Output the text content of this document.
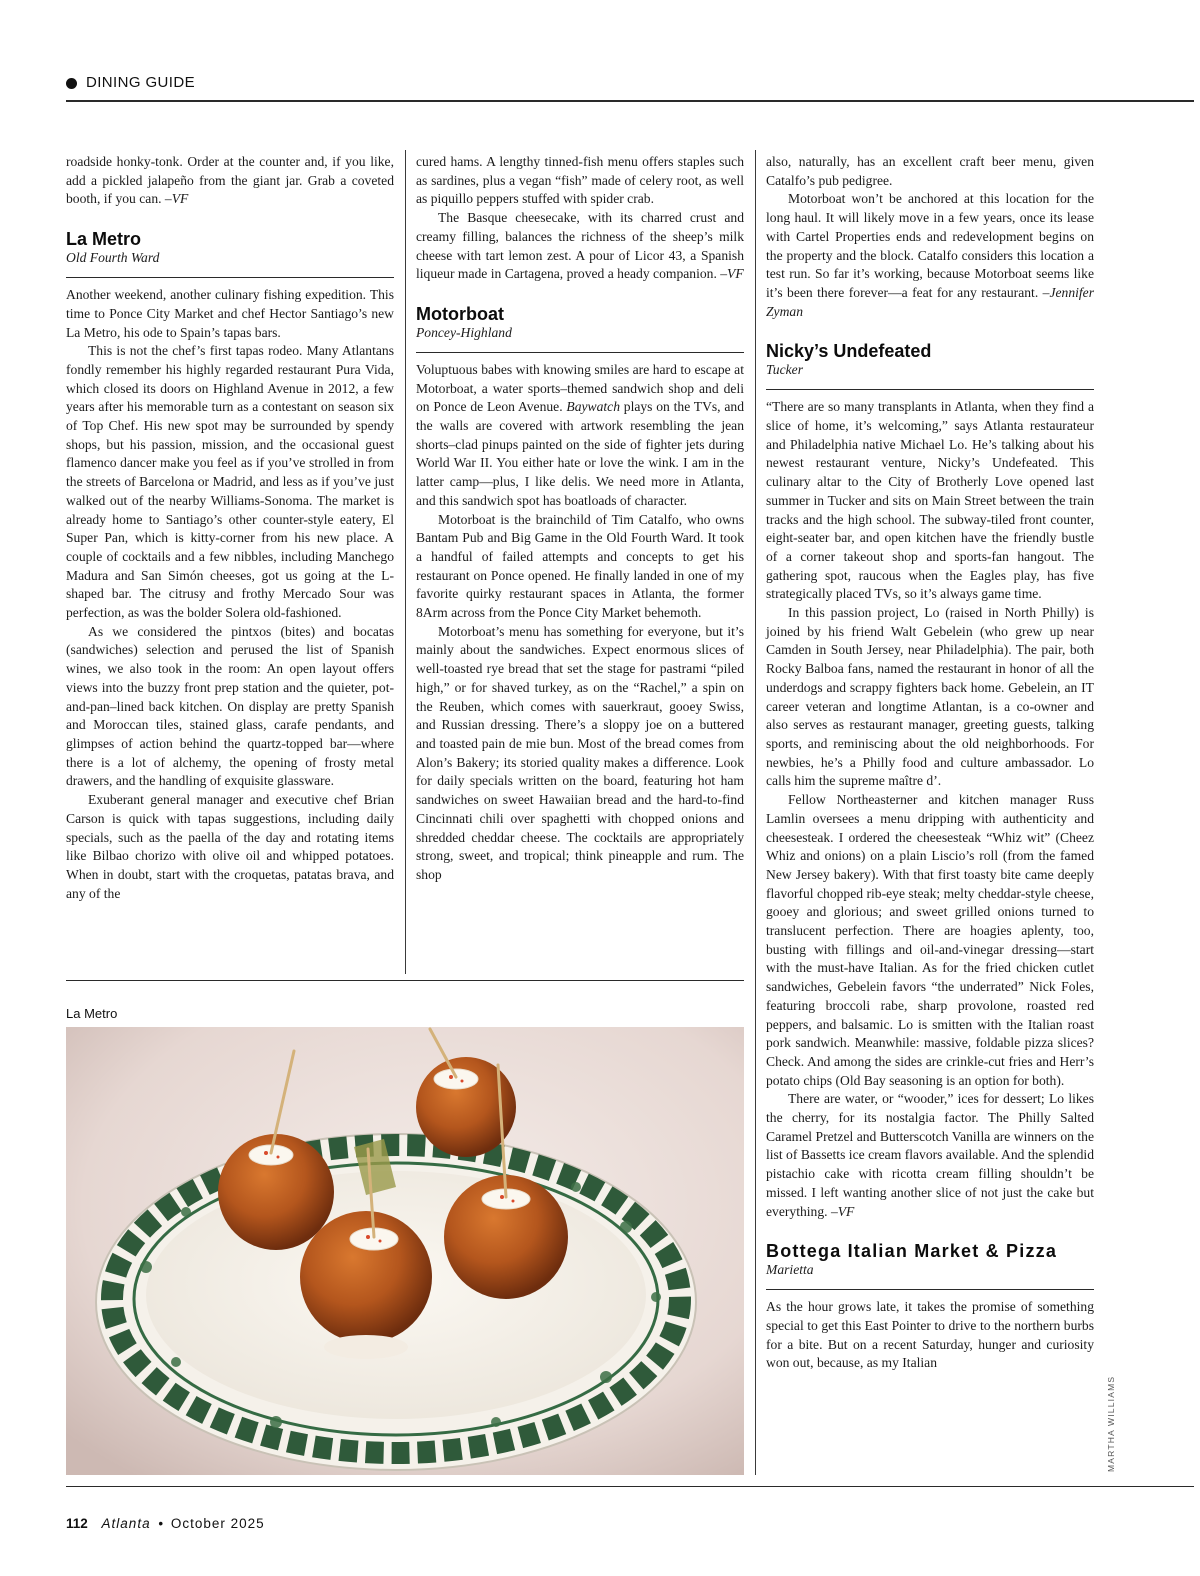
DINING GUIDE

roadside honky-tonk. Order at the counter and, if you like, add a pickled jalapeño from the giant jar. Grab a coveted booth, if you can. –VF

La Metro
Old Fourth Ward

Another weekend, another culinary fishing expedition. This time to Ponce City Market and chef Hector Santiago’s new La Metro, his ode to Spain’s tapas bars.

This is not the chef’s first tapas rodeo. Many Atlantans fondly remember his highly regarded restaurant Pura Vida, which closed its doors on Highland Avenue in 2012, a few years after his memorable turn as a contestant on season six of Top Chef. His new spot may be surrounded by spendy shops, but his passion, mission, and the occasional guest flamenco dancer make you feel as if you’ve strolled in from the streets of Barcelona or Madrid, and less as if you’ve just walked out of the nearby Williams-Sonoma. The market is already home to Santiago’s other counter-style eatery, El Super Pan, which is kitty-corner from his new place. A couple of cocktails and a few nibbles, including Manchego Madura and San Simón cheeses, got us going at the L-shaped bar. The citrusy and frothy Mercado Sour was perfection, as was the bolder Solera old-fashioned.

As we considered the pintxos (bites) and bocatas (sandwiches) selection and perused the list of Spanish wines, we also took in the room: An open layout offers views into the buzzy front prep station and the quieter, pot-and-pan–lined back kitchen. On display are pretty Spanish and Moroccan tiles, stained glass, carafe pendants, and glimpses of action behind the quartz-topped bar—where there is a lot of alchemy, the opening of frosty metal drawers, and the handling of exquisite glassware.

Exuberant general manager and executive chef Brian Carson is quick with tapas suggestions, including daily specials, such as the paella of the day and rotating items like Bilbao chorizo with olive oil and whipped potatoes. When in doubt, start with the croquetas, patatas brava, and any of the

cured hams. A lengthy tinned-fish menu offers staples such as sardines, plus a vegan “fish” made of celery root, as well as piquillo peppers stuffed with spider crab.

The Basque cheesecake, with its charred crust and creamy filling, balances the richness of the sheep’s milk cheese with tart lemon zest. A pour of Licor 43, a Spanish liqueur made in Cartagena, proved a heady companion. –VF

Motorboat
Poncey-Highland

Voluptuous babes with knowing smiles are hard to escape at Motorboat, a water sports–themed sandwich shop and deli on Ponce de Leon Avenue. Baywatch plays on the TVs, and the walls are covered with artwork resembling the jean shorts–clad pinups painted on the side of fighter jets during World War II. You either hate or love the wink. I am in the latter camp—plus, I like delis. We need more in Atlanta, and this sandwich spot has boatloads of character.

Motorboat is the brainchild of Tim Catalfo, who owns Bantam Pub and Big Game in the Old Fourth Ward. It took a handful of failed attempts and concepts to get his restaurant on Ponce opened. He finally landed in one of my favorite quirky restaurant spaces in Atlanta, the former 8Arm across from the Ponce City Market behemoth.

Motorboat’s menu has something for everyone, but it’s mainly about the sandwiches. Expect enormous slices of well-toasted rye bread that set the stage for pastrami “piled high,” or for shaved turkey, as on the “Rachel,” a spin on the Reuben, which comes with sauerkraut, gooey Swiss, and Russian dressing. There’s a sloppy joe on a buttered and toasted pain de mie bun. Most of the bread comes from Alon’s Bakery; its storied quality makes a difference. Look for daily specials written on the board, featuring hot ham sandwiches on sweet Hawaiian bread and the hard-to-find Cincinnati chili over spaghetti with chopped onions and shredded cheddar cheese. The cocktails are appropriately strong, sweet, and tropical; think pineapple and rum. The shop

also, naturally, has an excellent craft beer menu, given Catalfo’s pub pedigree.

Motorboat won’t be anchored at this location for the long haul. It will likely move in a few years, once its lease with Cartel Properties ends and redevelopment begins on the property and the block. Catalfo considers this location a test run. So far it’s working, because Motorboat seems like it’s been there forever—a feat for any restaurant. –Jennifer Zyman

Nicky’s Undefeated
Tucker

“There are so many transplants in Atlanta, when they find a slice of home, it’s welcoming,” says Atlanta restaurateur and Philadelphia native Michael Lo. He’s talking about his newest restaurant venture, Nicky’s Undefeated. This culinary altar to the City of Brotherly Love opened last summer in Tucker and sits on Main Street between the train tracks and the high school. The subway-tiled front counter, eight-seater bar, and open kitchen have the friendly bustle of a corner takeout shop and sports-fan hangout. The gathering spot, raucous when the Eagles play, has five strategically placed TVs, so it’s always game time.

In this passion project, Lo (raised in North Philly) is joined by his friend Walt Gebelein (who grew up near Camden in South Jersey, near Philadelphia). The pair, both Rocky Balboa fans, named the restaurant in honor of all the underdogs and scrappy fighters back home. Gebelein, an IT career veteran and longtime Atlantan, is a co-owner and also serves as restaurant manager, greeting guests, talking sports, and reminiscing about the old neighborhoods. For newbies, he’s a Philly food and culture ambassador. Lo calls him the supreme maître d’.

Fellow Northeasterner and kitchen manager Russ Lamlin oversees a menu dripping with authenticity and cheesesteak. I ordered the cheesesteak “Whiz wit” (Cheez Whiz and onions) on a plain Liscio’s roll (from the famed New Jersey bakery). With that first toasty bite came deeply flavorful chopped rib-eye steak; melty cheddar-style cheese, gooey and glorious; and sweet grilled onions turned to translucent perfection. There are hoagies aplenty, too, busting with fillings and oil-and-vinegar dressing—start with the must-have Italian. As for the fried chicken cutlet sandwiches, Gebelein favors “the underrated” Nick Foles, featuring broccoli rabe, sharp provolone, roasted red peppers, and balsamic. Lo is smitten with the Italian roast pork sandwich. Meanwhile: massive, foldable pizza slices? Check. And among the sides are crinkle-cut fries and Herr’s potato chips (Old Bay seasoning is an option for both).

There are water, or “wooder,” ices for dessert; Lo likes the cherry, for its nostalgia factor. The Philly Salted Caramel Pretzel and Butterscotch Vanilla are winners on the list of Bassetts ice cream flavors available. And the splendid pistachio cake with ricotta cream filling shouldn’t be missed. I left wanting another slice of not just the cake but everything. –VF

Bottega Italian Market & Pizza
Marietta

As the hour grows late, it takes the promise of something special to get this East Pointer to drive to the northern burbs for a bite. But on a recent Saturday, hunger and curiosity won out, because, as my Italian

La Metro
MARTHA WILLIAMS
112 Atlanta • October 2025
